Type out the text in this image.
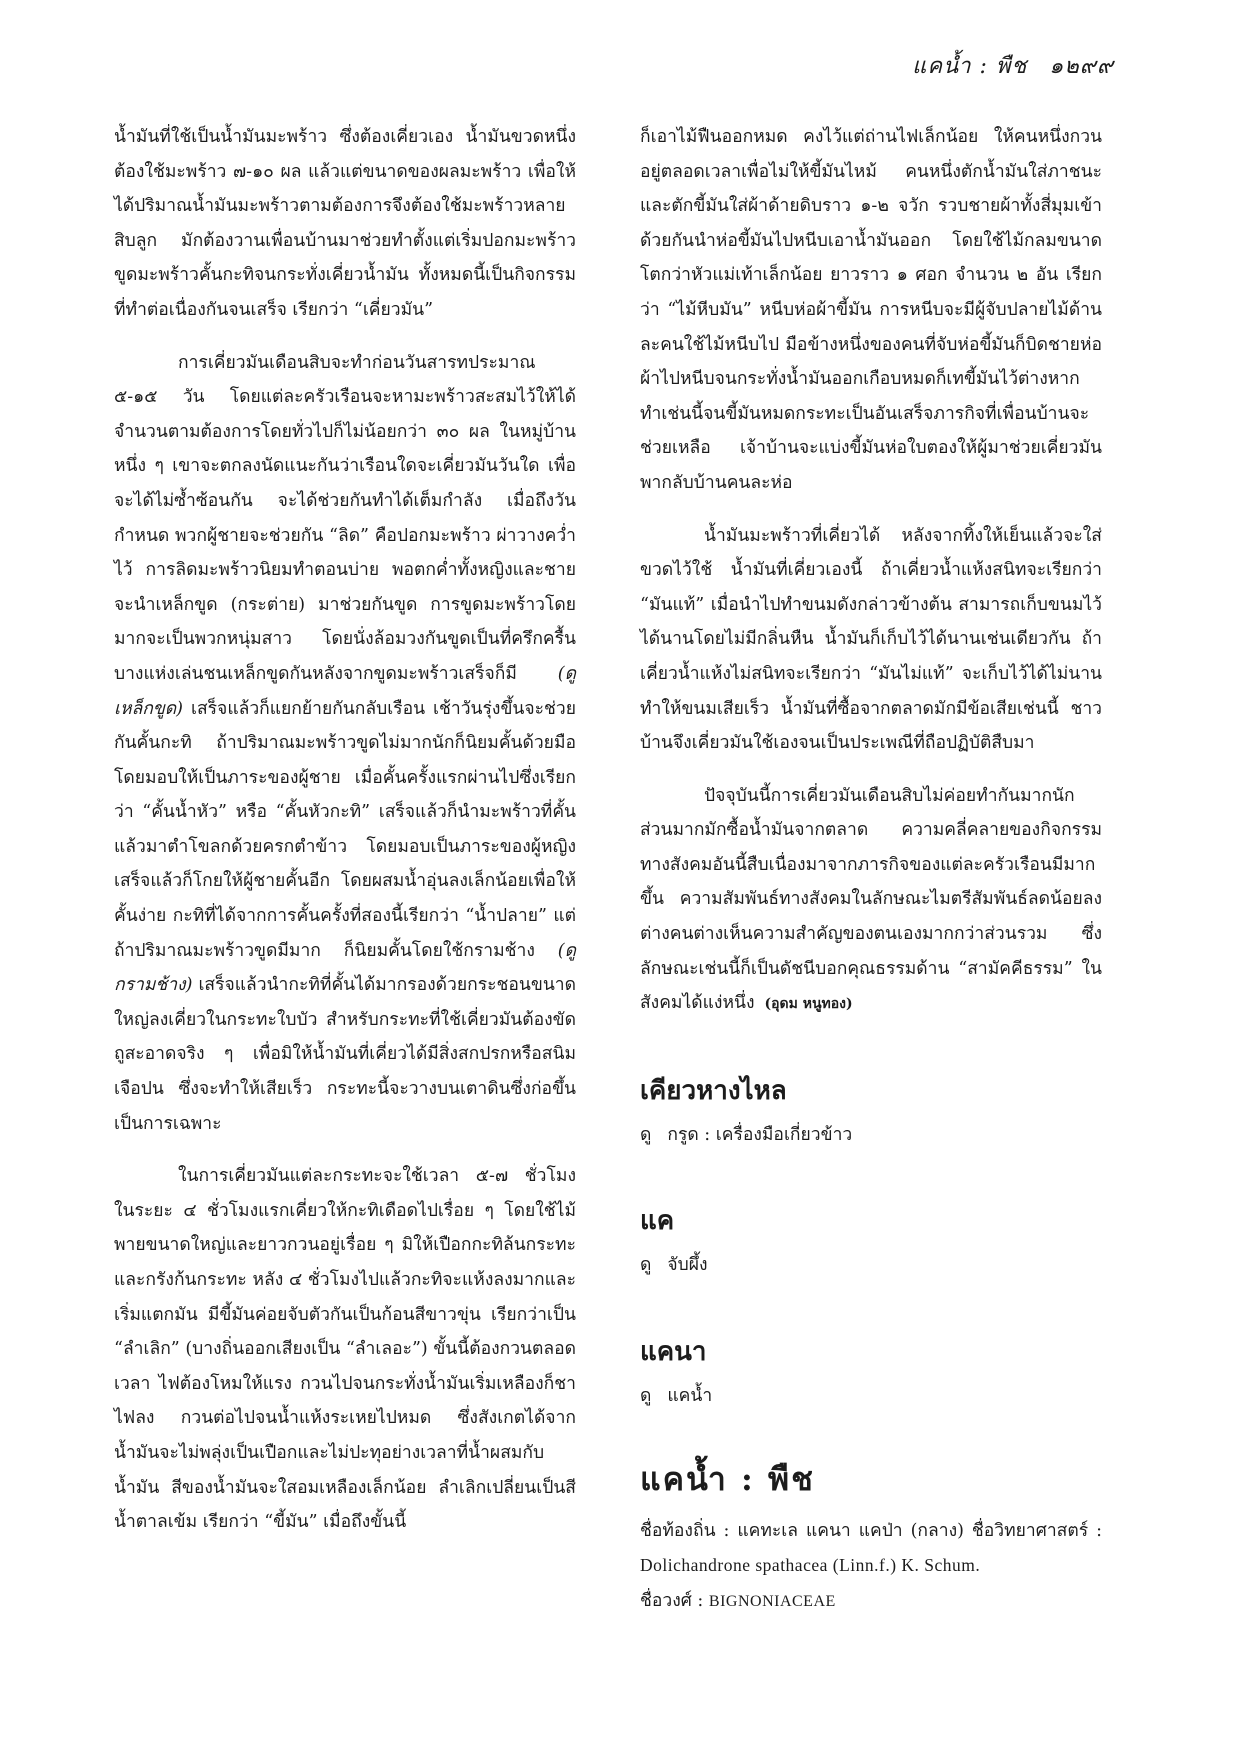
แคน้ำ : พืช ๑๒๙๙

น้ำมันที่ใช้เป็นน้ำมันมะพร้าว ซึ่งต้องเคี่ยวเอง น้ำมันขวดหนึ่งต้องใช้มะพร้าว ๗-๑๐ ผล แล้วแต่ขนาดของผลมะพร้าว เพื่อให้ได้ปริมาณน้ำมันมะพร้าวตามต้องการจึงต้องใช้มะพร้าวหลายสิบลูก มักต้องวานเพื่อนบ้านมาช่วยทำตั้งแต่เริ่มปอกมะพร้าวขูดมะพร้าวคั้นกะทิจนกระทั่งเคี่ยวน้ำมัน ทั้งหมดนี้เป็นกิจกรรมที่ทำต่อเนื่องกันจนเสร็จ เรียกว่า “เคี่ยวมัน”

การเคี่ยวมันเดือนสิบจะทำก่อนวันสารทประมาณ ๕-๑๕ วัน โดยแต่ละครัวเรือนจะหามะพร้าวสะสมไว้ให้ได้จำนวนตามต้องการโดยทั่วไปก็ไม่น้อยกว่า ๓๐ ผล ในหมู่บ้านหนึ่ง ๆ เขาจะตกลงนัดแนะกันว่าเรือนใดจะเคี่ยวมันวันใด เพื่อจะได้ไม่ซ้ำซ้อนกัน จะได้ช่วยกันทำได้เต็มกำลัง เมื่อถึงวันกำหนด พวกผู้ชายจะช่วยกัน “ลิด” คือปอกมะพร้าว ผ่าวางคว่ำไว้ การลิดมะพร้าวนิยมทำตอนบ่าย พอตกค่ำทั้งหญิงและชายจะนำเหล็กขูด (กระต่าย) มาช่วยกันขูด การขูดมะพร้าวโดยมากจะเป็นพวกหนุ่มสาว โดยนั่งล้อมวงกันขูดเป็นที่ครึกครื้น บางแห่งเล่นชนเหล็กขูดกันหลังจากขูดมะพร้าวเสร็จก็มี (ดู เหล็กขูด) เสร็จแล้วก็แยกย้ายกันกลับเรือน เช้าวันรุ่งขึ้นจะช่วยกันคั้นกะทิ ถ้าปริมาณมะพร้าวขูดไม่มากนักก็นิยมคั้นด้วยมือ โดยมอบให้เป็นภาระของผู้ชาย เมื่อคั้นครั้งแรกผ่านไปซึ่งเรียกว่า “คั้นน้ำหัว” หรือ “คั้นหัวกะทิ” เสร็จแล้วก็นำมะพร้าวที่คั้นแล้วมาตำโขลกด้วยครกตำข้าว โดยมอบเป็นภาระของผู้หญิง เสร็จแล้วก็โกยให้ผู้ชายคั้นอีก โดยผสมน้ำอุ่นลงเล็กน้อยเพื่อให้คั้นง่าย กะทิที่ได้จากการคั้นครั้งที่สองนี้เรียกว่า “น้ำปลาย” แต่ถ้าปริมาณมะพร้าวขูดมีมาก ก็นิยมคั้นโดยใช้กรามช้าง (ดู กรามช้าง) เสร็จแล้วนำกะทิที่คั้นได้มากรองด้วยกระชอนขนาดใหญ่ลงเคี่ยวในกระทะใบบัว สำหรับกระทะที่ใช้เคี่ยวมันต้องขัดถูสะอาดจริง ๆ เพื่อมิให้น้ำมันที่เคี่ยวได้มีสิ่งสกปรกหรือสนิมเจือปน ซึ่งจะทำให้เสียเร็ว กระทะนี้จะวางบนเตาดินซึ่งก่อขึ้นเป็นการเฉพาะ

ในการเคี่ยวมันแต่ละกระทะจะใช้เวลา ๕-๗ ชั่วโมง ในระยะ ๔ ชั่วโมงแรกเคี่ยวให้กะทิเดือดไปเรื่อย ๆ โดยใช้ไม้พายขนาดใหญ่และยาวกวนอยู่เรื่อย ๆ มิให้เปือกกะทิล้นกระทะและกรังก้นกระทะ หลัง ๔ ชั่วโมงไปแล้วกะทิจะแห้งลงมากและเริ่มแตกมัน มีขี้มันค่อยจับตัวกันเป็นก้อนสีขาวขุ่น เรียกว่าเป็น “ลำเลิก” (บางถิ่นออกเสียงเป็น “ลำเลอะ”) ขั้นนี้ต้องกวนตลอดเวลา ไฟต้องโหมให้แรง กวนไปจนกระทั่งน้ำมันเริ่มเหลืองก็ชาไฟลง กวนต่อไปจนน้ำแห้งระเหยไปหมด ซึ่งสังเกตได้จากน้ำมันจะไม่พลุ่งเป็นเปือกและไม่ปะทุอย่างเวลาที่น้ำผสมกับน้ำมัน สีของน้ำมันจะใสอมเหลืองเล็กน้อย ลำเลิกเปลี่ยนเป็นสีน้ำตาลเข้ม เรียกว่า “ขี้มัน” เมื่อถึงขั้นนี้

ก็เอาไม้ฟืนออกหมด คงไว้แต่ถ่านไฟเล็กน้อย ให้คนหนึ่งกวนอยู่ตลอดเวลาเพื่อไม่ให้ขี้มันไหม้ คนหนึ่งตักน้ำมันใส่ภาชนะและตักขี้มันใส่ผ้าด้ายดิบราว ๑-๒ จวัก รวบชายผ้าทั้งสี่มุมเข้าด้วยกันนำห่อขี้มันไปหนีบเอาน้ำมันออก โดยใช้ไม้กลมขนาดโตกว่าหัวแม่เท้าเล็กน้อย ยาวราว ๑ ศอก จำนวน ๒ อัน เรียกว่า “ไม้หีบมัน” หนีบห่อผ้าขี้มัน การหนีบจะมีผู้จับปลายไม้ด้านละคนใช้ไม้หนีบไป มือข้างหนึ่งของคนที่จับห่อขี้มันก็บิดชายห่อผ้าไปหนีบจนกระทั่งน้ำมันออกเกือบหมดก็เทขี้มันไว้ต่างหาก ทำเช่นนี้จนขี้มันหมดกระทะเป็นอันเสร็จภารกิจที่เพื่อนบ้านจะช่วยเหลือ เจ้าบ้านจะแบ่งขี้มันห่อใบตองให้ผู้มาช่วยเคี่ยวมันพากลับบ้านคนละห่อ

น้ำมันมะพร้าวที่เคี่ยวได้ หลังจากทิ้งให้เย็นแล้วจะใส่ขวดไว้ใช้ น้ำมันที่เคี่ยวเองนี้ ถ้าเคี่ยวน้ำแห้งสนิทจะเรียกว่า “มันแท้” เมื่อนำไปทำขนมดังกล่าวข้างต้น สามารถเก็บขนมไว้ได้นานโดยไม่มีกลิ่นหืน น้ำมันก็เก็บไว้ได้นานเช่นเดียวกัน ถ้าเคี่ยวน้ำแห้งไม่สนิทจะเรียกว่า “มันไม่แท้” จะเก็บไว้ได้ไม่นาน ทำให้ขนมเสียเร็ว น้ำมันที่ซื้อจากตลาดมักมีข้อเสียเช่นนี้ ชาวบ้านจึงเคี่ยวมันใช้เองจนเป็นประเพณีที่ถือปฏิบัติสืบมา

ปัจจุบันนี้การเคี่ยวมันเดือนสิบไม่ค่อยทำกันมากนัก ส่วนมากมักซื้อน้ำมันจากตลาด ความคลี่คลายของกิจกรรมทางสังคมอันนี้สืบเนื่องมาจากภารกิจของแต่ละครัวเรือนมีมากขึ้น ความสัมพันธ์ทางสังคมในลักษณะไมตรีสัมพันธ์ลดน้อยลง ต่างคนต่างเห็นความสำคัญของตนเองมากกว่าส่วนรวม ซึ่งลักษณะเช่นนี้ก็เป็นดัชนีบอกคุณธรรมด้าน “สามัคคีธรรม” ในสังคมได้แง่หนึ่ง (อุดม หนูทอง)

เคียวหางไหล

ดู กรูด : เครื่องมือเกี่ยวข้าว

แค

ดู จับผึ้ง

แคนา

ดู แคน้ำ

แคน้ำ : พืช

ชื่อท้องถิ่น : แคทะเล แคนา แคป่า (กลาง) ชื่อวิทยาศาสตร์ : Dolichandrone spathacea (Linn.f.) K. Schum.
ชื่อวงศ์ : BIGNONIACEAE
